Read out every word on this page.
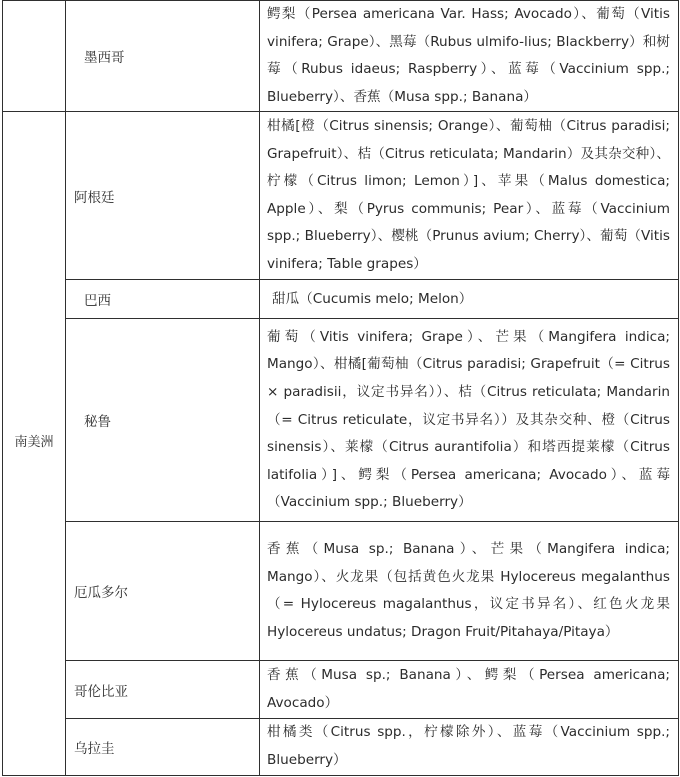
	墨西哥	鳄梨（Persea americana Var. Hass; Avocado）、葡萄（Vitis vinifera; Grape）、黑莓（Rubus ulmifo-lius; Blackberry）和树莓（Rubus idaeus; Raspberry）、蓝莓（Vaccinium spp.; Blueberry）、香蕉（Musa spp.; Banana）
南美洲	阿根廷	柑橘[橙（Citrus sinensis; Orange）、葡萄柚（Citrus paradisi; Grapefruit）、桔（Citrus reticulata; Mandarin）及其杂交种）、柠檬（Citrus limon; Lemon）]、苹果（Malus domestica; Apple）、梨（Pyrus communis; Pear）、蓝莓（Vaccinium spp.; Blueberry）、樱桃（Prunus avium; Cherry）、葡萄（Vitis vinifera; Table grapes）
	巴西	甜瓜（Cucumis melo; Melon）
	秘鲁	葡萄（Vitis vinifera; Grape）、芒果（Mangifera indica; Mango）、柑橘[葡萄柚（Citrus paradisi; Grapefruit（= Citrus × paradisii，议定书异名））、桔（Citrus reticulata; Mandarin（= Citrus reticulate，议定书异名））及其杂交种、橙（Citrus sinensis）、莱檬（Citrus aurantifolia）和塔西提莱檬（Citrus latifolia）]、鳄梨（Persea americana; Avocado）、蓝莓（Vaccinium spp.; Blueberry）
	厄瓜多尔	香蕉（Musa sp.; Banana）、芒果（Mangifera indica; Mango）、火龙果（包括黄色火龙果 Hylocereus megalanthus（= Hylocereus magalanthus，议定书异名）、红色火龙果 Hylocereus undatus; Dragon Fruit/Pitahaya/Pitaya）
	哥伦比亚	香蕉（Musa sp.; Banana）、鳄梨（Persea americana; Avocado）
	乌拉圭	柑橘类（Citrus spp.，柠檬除外）、蓝莓（Vaccinium spp.; Blueberry）
